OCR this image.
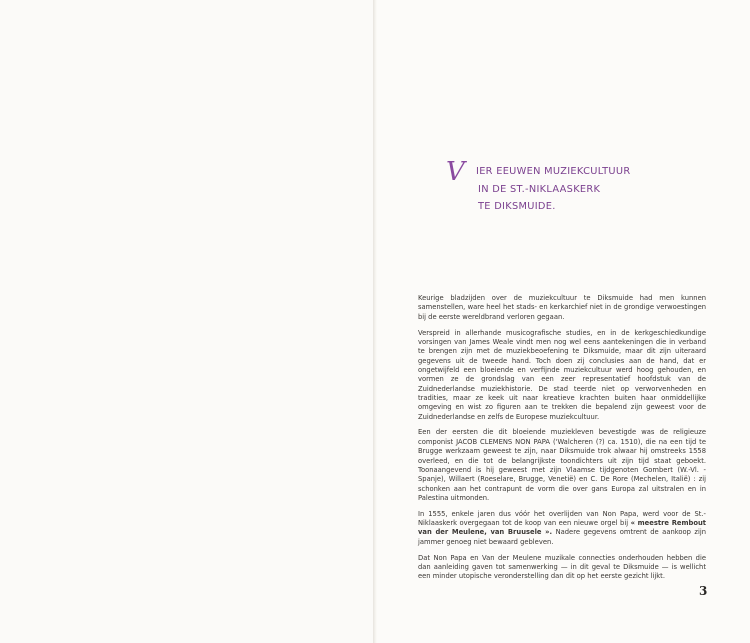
V	IER EEUWEN MUZIEKCULTUUR
IN DE ST.-NIKLAASKERK
TE DIKSMUIDE.

Keurige bladzijden over de muziekcultuur te Diksmuide had men kunnen samenstellen, ware heel het stads- en kerkarchief niet in de grondige verwoestingen bij de eerste wereldbrand verloren gegaan.

Verspreid in allerhande musicografische studies, en in de kerkgeschiedkundige vorsingen van James Weale vindt men nog wel eens aantekeningen die in verband te brengen zijn met de muziekbeoefening te Diksmuide, maar dit zijn uiteraard gegevens uit de tweede hand. Toch doen zij conclusies aan de hand, dat er ongetwijfeld een bloeiende en verfijnde muziekcultuur werd hoog gehouden, en vormen ze de grondslag van een zeer representatief hoofdstuk van de Zuidnederlandse muziekhistorie. De stad teerde niet op verworvenheden en tradities, maar ze keek uit naar kreatieve krachten buiten haar onmiddellijke omgeving en wist zo figuren aan te trekken die bepalend zijn geweest voor de Zuidnederlandse en zelfs de Europese muziekcultuur.

Een der eersten die dit bloeiende muziekleven bevestigde was de religieuze componist JACOB CLEMENS NON PAPA ('Walcheren (?) ca. 1510), die na een tijd te Brugge werkzaam geweest te zijn, naar Diksmuide trok alwaar hij omstreeks 1558 overleed, en die tot de belangrijkste toondichters uit zijn tijd staat geboekt. Toonaangevend is hij geweest met zijn Vlaamse tijdgenoten Gombert (W.-Vl. - Spanje), Willaert (Roeselare, Brugge, Venetië) en C. De Rore (Mechelen, Italië) : zij schonken aan het contrapunt de vorm die over gans Europa zal uitstralen en in Palestina uitmonden.

In 1555, enkele jaren dus vóór het overlijden van Non Papa, werd voor de St.-Niklaaskerk overgegaan tot de koop van een nieuwe orgel bij « meestre Rembout van der Meulene, van Bruusele ». Nadere gegevens omtrent de aankoop zijn jammer genoeg niet bewaard gebleven.

Dat Non Papa en Van der Meulene muzikale connecties onderhouden hebben die dan aanleiding gaven tot samenwerking — in dit geval te Diksmuide — is wellicht een minder utopische veronderstelling dan dit op het eerste gezicht lijkt.

3
